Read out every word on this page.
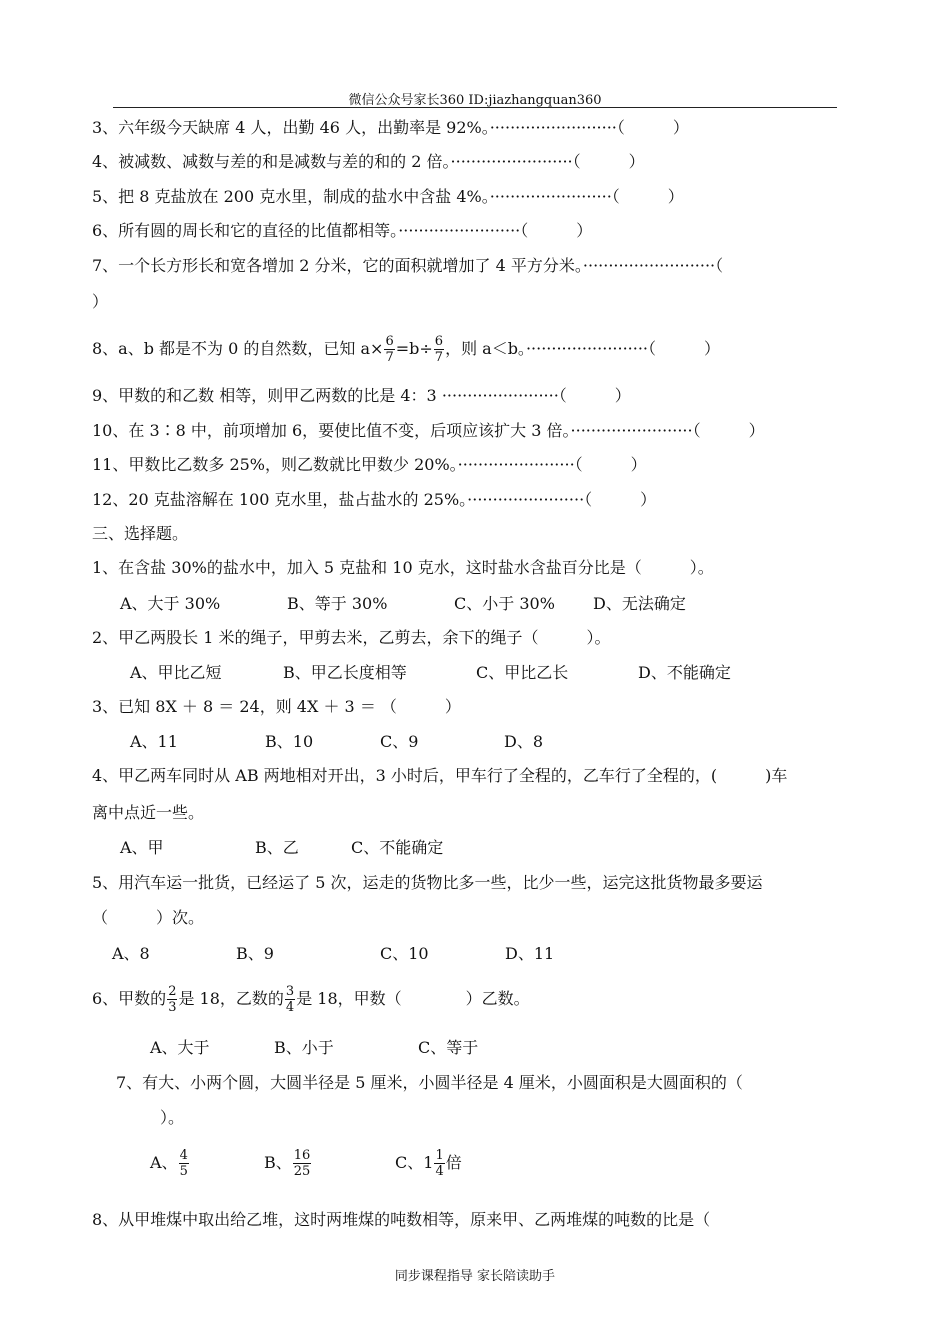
微信公众号家长360 ID:jiazhangquan360
3、六年级今天缺席 4 人，出勤 46 人，出勤率是 92%。·························（　　　）
4、被减数、减数与差的和是减数与差的和的 2 倍。························（　　　）
5、把 8 克盐放在 200 克水里，制成的盐水中含盐 4%。························（　　　）
6、所有圆的周长和它的直径的比值都相等。························（　　　）
7、一个长方形长和宽各增加 2 分米，它的面积就增加了 4 平方分米。··························（
）
8、a、b 都是不为 0 的自然数，已知 $a\times \frac{6}{7} =b\div \frac{6}{7}$ ，则 a＜b。························（　　　）
9、甲数的和乙数 相等，则甲乙两数的比是 4：3 ·······················（　　　）
10、在 3∶8 中，前项增加 6，要使比值不变，后项应该扩大 3 倍。························（　　　）
11、甲数比乙数多 25%，则乙数就比甲数少 20%。·······················（　　　）
12、20 克盐溶解在 100 克水里，盐占盐水的 25%。·······················（　　　）
三、选择题。
1、在含盐 30%的盐水中，加入 5 克盐和 10 克水，这时盐水含盐百分比是（　　　）。
A、大于 30%	B、等于 30%	C、小于 30% D、无法确定
2、甲乙两股长 1 米的绳子，甲剪去米，乙剪去，余下的绳子（　　　）。
A、甲比乙短	B、甲乙长度相等	C、甲比乙长	D、不能确定
3、已知 8X ＋ 8 ＝ 24，则 4X ＋ 3 ＝ （　　　）
A、11	B、10	C、9	D、8
4、甲乙两车同时从 AB 两地相对开出，3 小时后，甲车行了全程的，乙车行了全程的，(　　　)车
离中点近一些。
A、甲	B、乙	C、不能确定
5、用汽车运一批货，已经运了 5 次，运走的货物比多一些，比少一些，运完这批货物最多要运
（　　　）次。
A、8	B、9	C、10	D、11
6、甲数的 $\frac{2}{3}$ 是 18，乙数的 $\frac{3}{4}$ 是 18，甲数（　　　　）乙数。
A、大于	B、小于	C、等于
7、有大、小两个圆，大圆半径是 5 厘米，小圆半径是 4 厘米，小圆面积是大圆面积的（
）。
A、 $\frac{4}{5}$	B、 $\frac{16}{25}$	C、$1 \frac{1}{4}$ 倍
8、从甲堆煤中取出给乙堆，这时两堆煤的吨数相等，原来甲、乙两堆煤的吨数的比是（
同步课程指导 家长陪读助手
